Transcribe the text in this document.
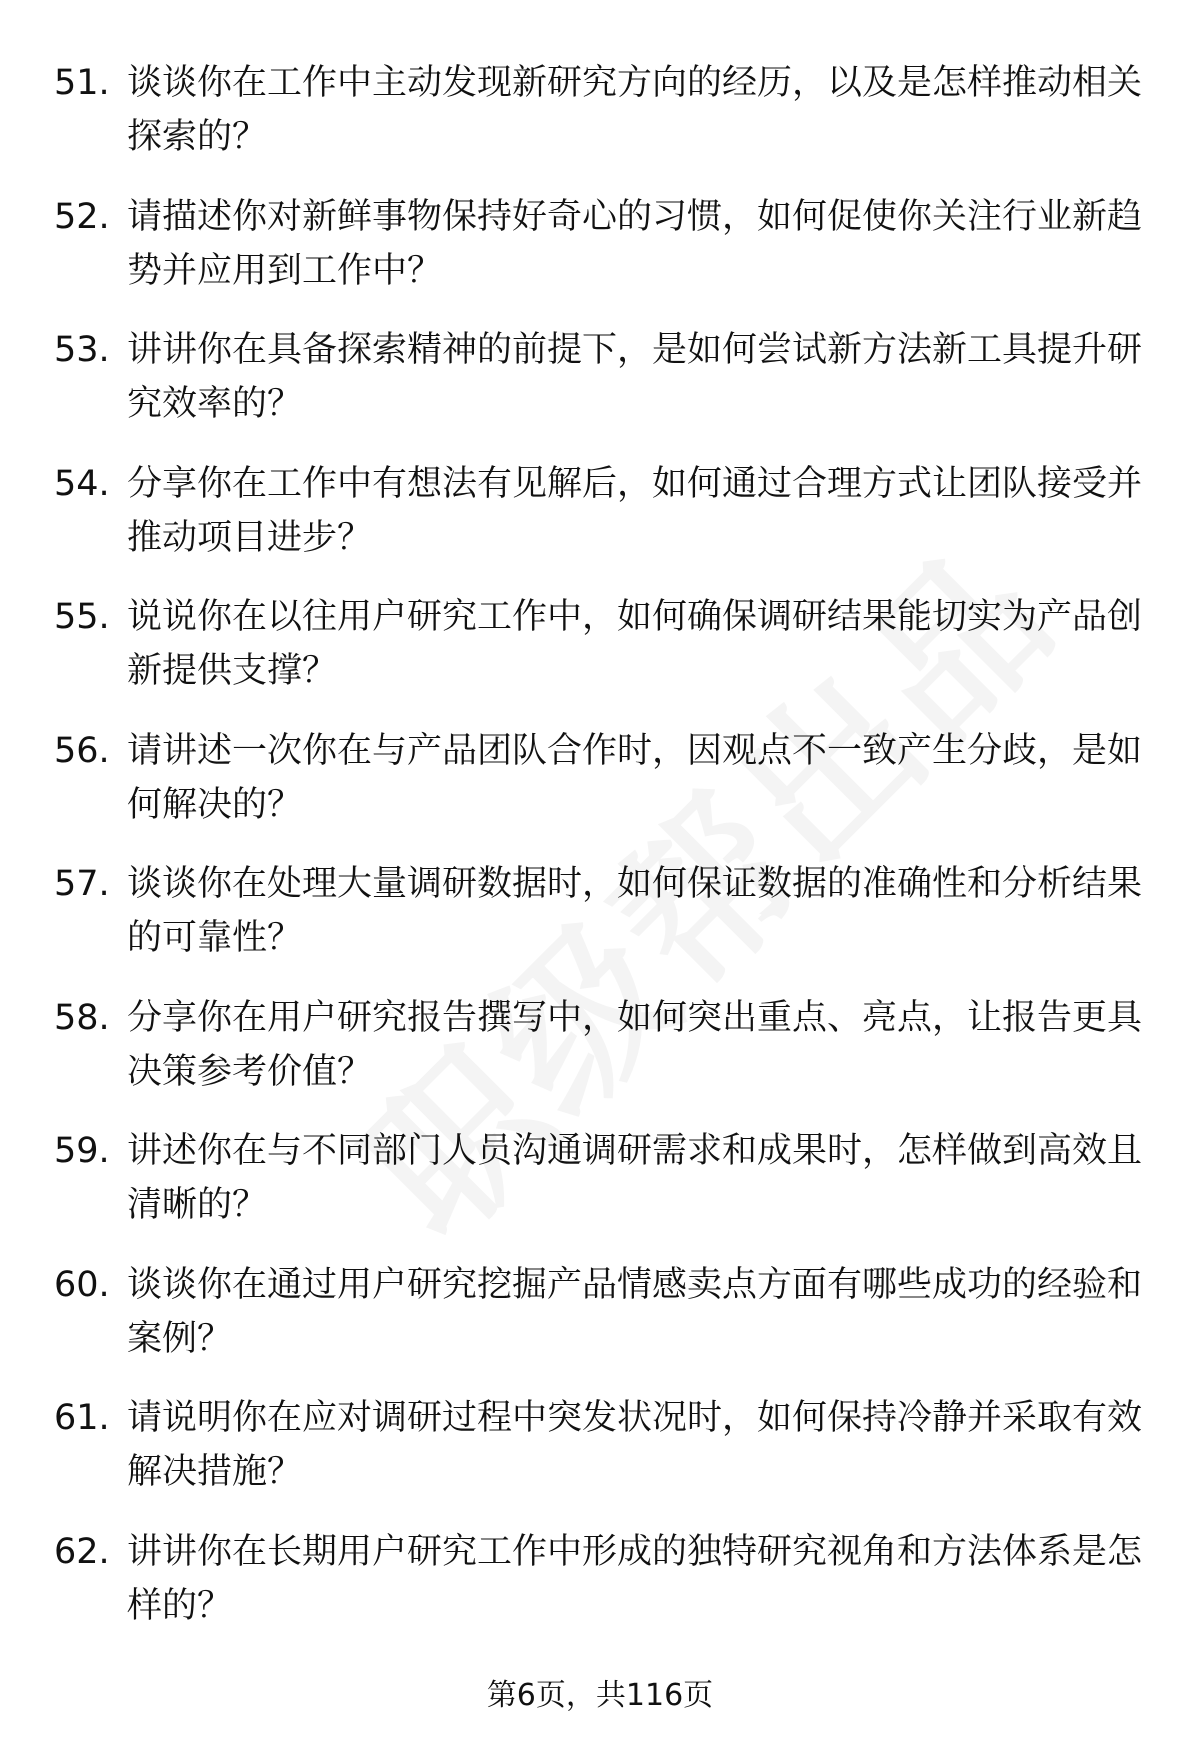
51. 谈谈你在工作中主动发现新研究方向的经历，以及是怎样推动相关探索的？
52. 请描述你对新鲜事物保持好奇心的习惯，如何促使你关注行业新趋势并应用到工作中？
53. 讲讲你在具备探索精神的前提下，是如何尝试新方法新工具提升研究效率的？
54. 分享你在工作中有想法有见解后，如何通过合理方式让团队接受并推动项目进步？
55. 说说你在以往用户研究工作中，如何确保调研结果能切实为产品创新提供支撑？
56. 请讲述一次你在与产品团队合作时，因观点不一致产生分歧，是如何解决的？
57. 谈谈你在处理大量调研数据时，如何保证数据的准确性和分析结果的可靠性？
58. 分享你在用户研究报告撰写中，如何突出重点、亮点，让报告更具决策参考价值？
59. 讲述你在与不同部门人员沟通调研需求和成果时，怎样做到高效且清晰的？
60. 谈谈你在通过用户研究挖掘产品情感卖点方面有哪些成功的经验和案例？
61. 请说明你在应对调研过程中突发状况时，如何保持冷静并采取有效解决措施？
62. 讲讲你在长期用户研究工作中形成的独特研究视角和方法体系是怎样的？
第6页，共116页
